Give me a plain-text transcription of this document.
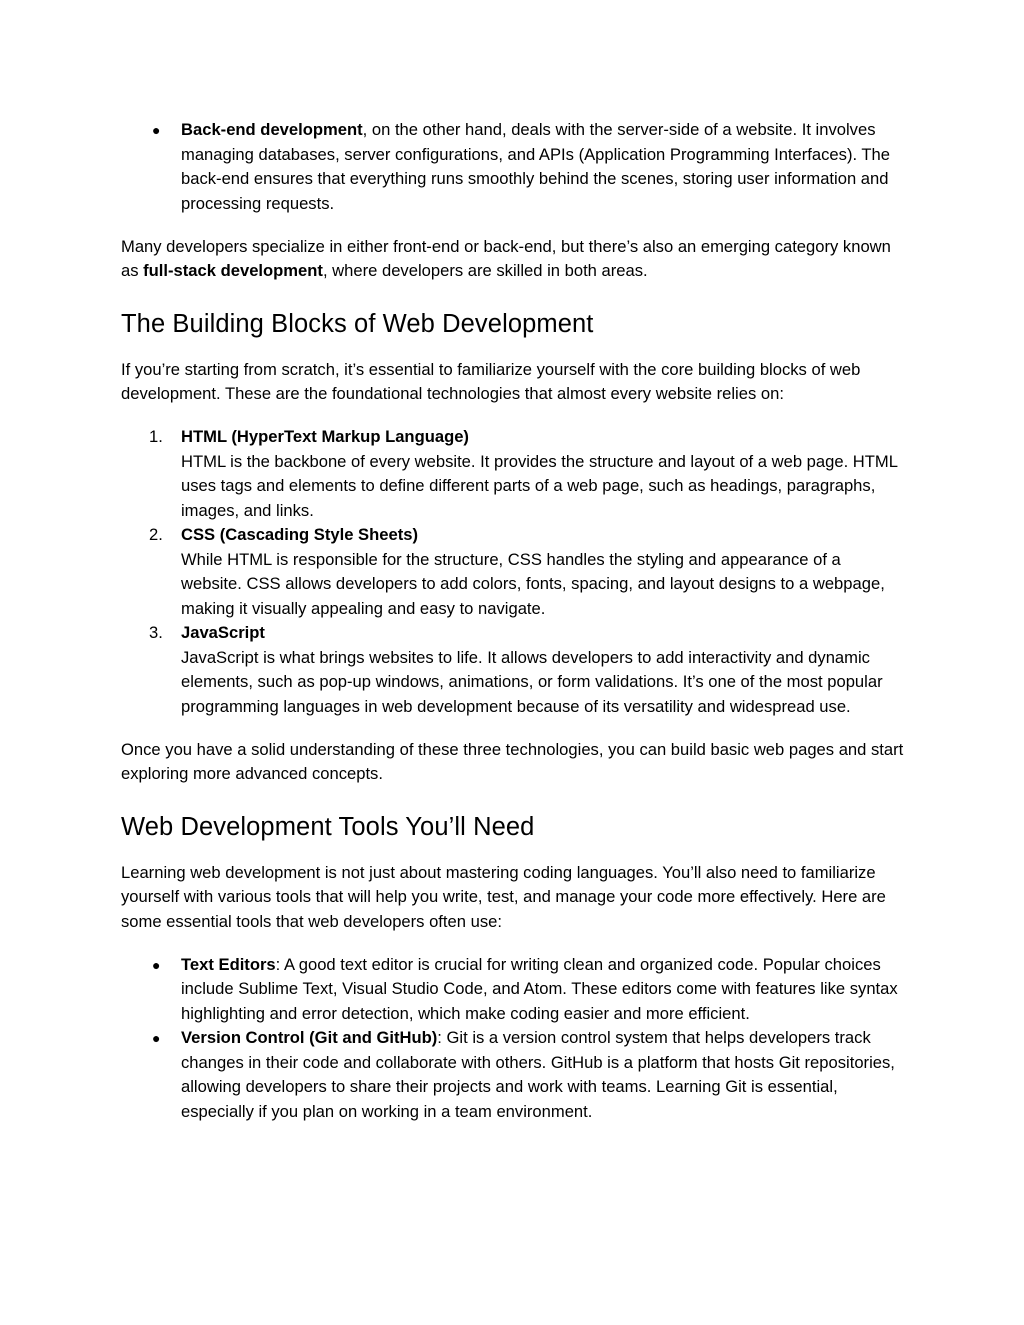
● Back-end development, on the other hand, deals with the server-side of a website. It involves managing databases, server configurations, and APIs (Application Programming Interfaces). The back-end ensures that everything runs smoothly behind the scenes, storing user information and processing requests.

Many developers specialize in either front-end or back-end, but there’s also an emerging category known as full-stack development, where developers are skilled in both areas.

The Building Blocks of Web Development

If you’re starting from scratch, it’s essential to familiarize yourself with the core building blocks of web development. These are the foundational technologies that almost every website relies on:

1. HTML (HyperText Markup Language)
HTML is the backbone of every website. It provides the structure and layout of a web page. HTML uses tags and elements to define different parts of a web page, such as headings, paragraphs, images, and links.
2. CSS (Cascading Style Sheets)
While HTML is responsible for the structure, CSS handles the styling and appearance of a website. CSS allows developers to add colors, fonts, spacing, and layout designs to a webpage, making it visually appealing and easy to navigate.
3. JavaScript
JavaScript is what brings websites to life. It allows developers to add interactivity and dynamic elements, such as pop-up windows, animations, or form validations. It’s one of the most popular programming languages in web development because of its versatility and widespread use.

Once you have a solid understanding of these three technologies, you can build basic web pages and start exploring more advanced concepts.

Web Development Tools You’ll Need

Learning web development is not just about mastering coding languages. You’ll also need to familiarize yourself with various tools that will help you write, test, and manage your code more effectively. Here are some essential tools that web developers often use:

● Text Editors: A good text editor is crucial for writing clean and organized code. Popular choices include Sublime Text, Visual Studio Code, and Atom. These editors come with features like syntax highlighting and error detection, which make coding easier and more efficient.
● Version Control (Git and GitHub): Git is a version control system that helps developers track changes in their code and collaborate with others. GitHub is a platform that hosts Git repositories, allowing developers to share their projects and work with teams. Learning Git is essential, especially if you plan on working in a team environment.
